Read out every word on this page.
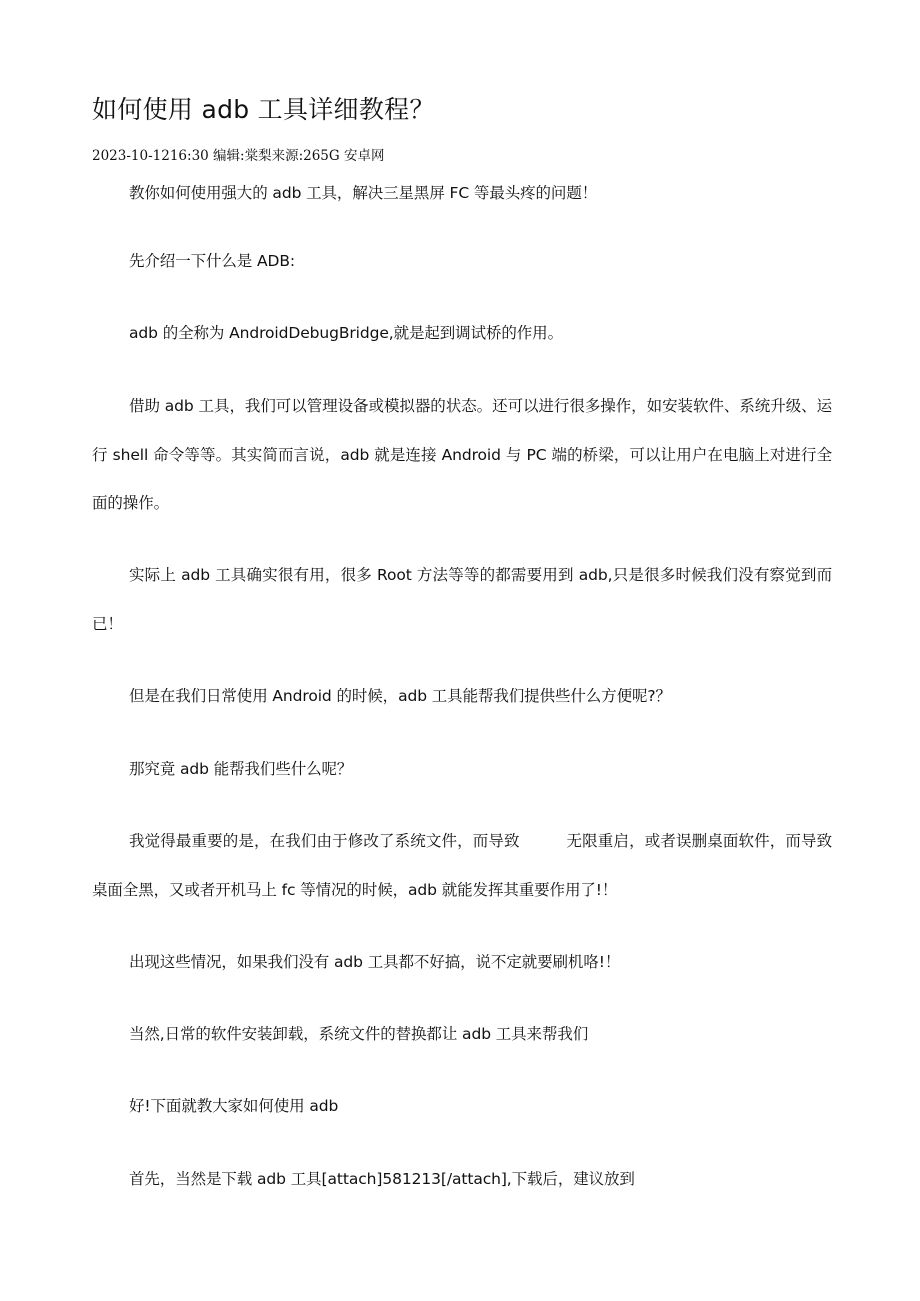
如何使用 adb 工具详细教程？
2023-10-1216:30 编辑:棠梨来源:265G 安卓网

教你如何使用强大的 adb 工具，解决三星黑屏 FC 等最头疼的问题！

先介绍一下什么是 ADB:

adb 的全称为 AndroidDebugBridge,就是起到调试桥的作用。

借助 adb 工具，我们可以管理设备或模拟器的状态。还可以进行很多操作，如安装软件、系统升级、运行 shell 命令等等。其实简而言说，adb 就是连接 Android 与 PC 端的桥梁，可以让用户在电脑上对进行全面的操作。

实际上 adb 工具确实很有用，很多 Root 方法等等的都需要用到 adb,只是很多时候我们没有察觉到而已！

但是在我们日常使用 Android 的时候，adb 工具能帮我们提供些什么方便呢?？

那究竟 adb 能帮我们些什么呢？

我觉得最重要的是，在我们由于修改了系统文件，而导致　　　无限重启，或者误删桌面软件，而导致桌面全黑，又或者开机马上 fc 等情况的时候，adb 就能发挥其重要作用了!！

出现这些情况，如果我们没有 adb 工具都不好搞，说不定就要刷机咯!！

当然,日常的软件安装卸载，系统文件的替换都让 adb 工具来帮我们

好!下面就教大家如何使用 adb

首先，当然是下载 adb 工具[attach]581213[/attach],下载后，建议放到
